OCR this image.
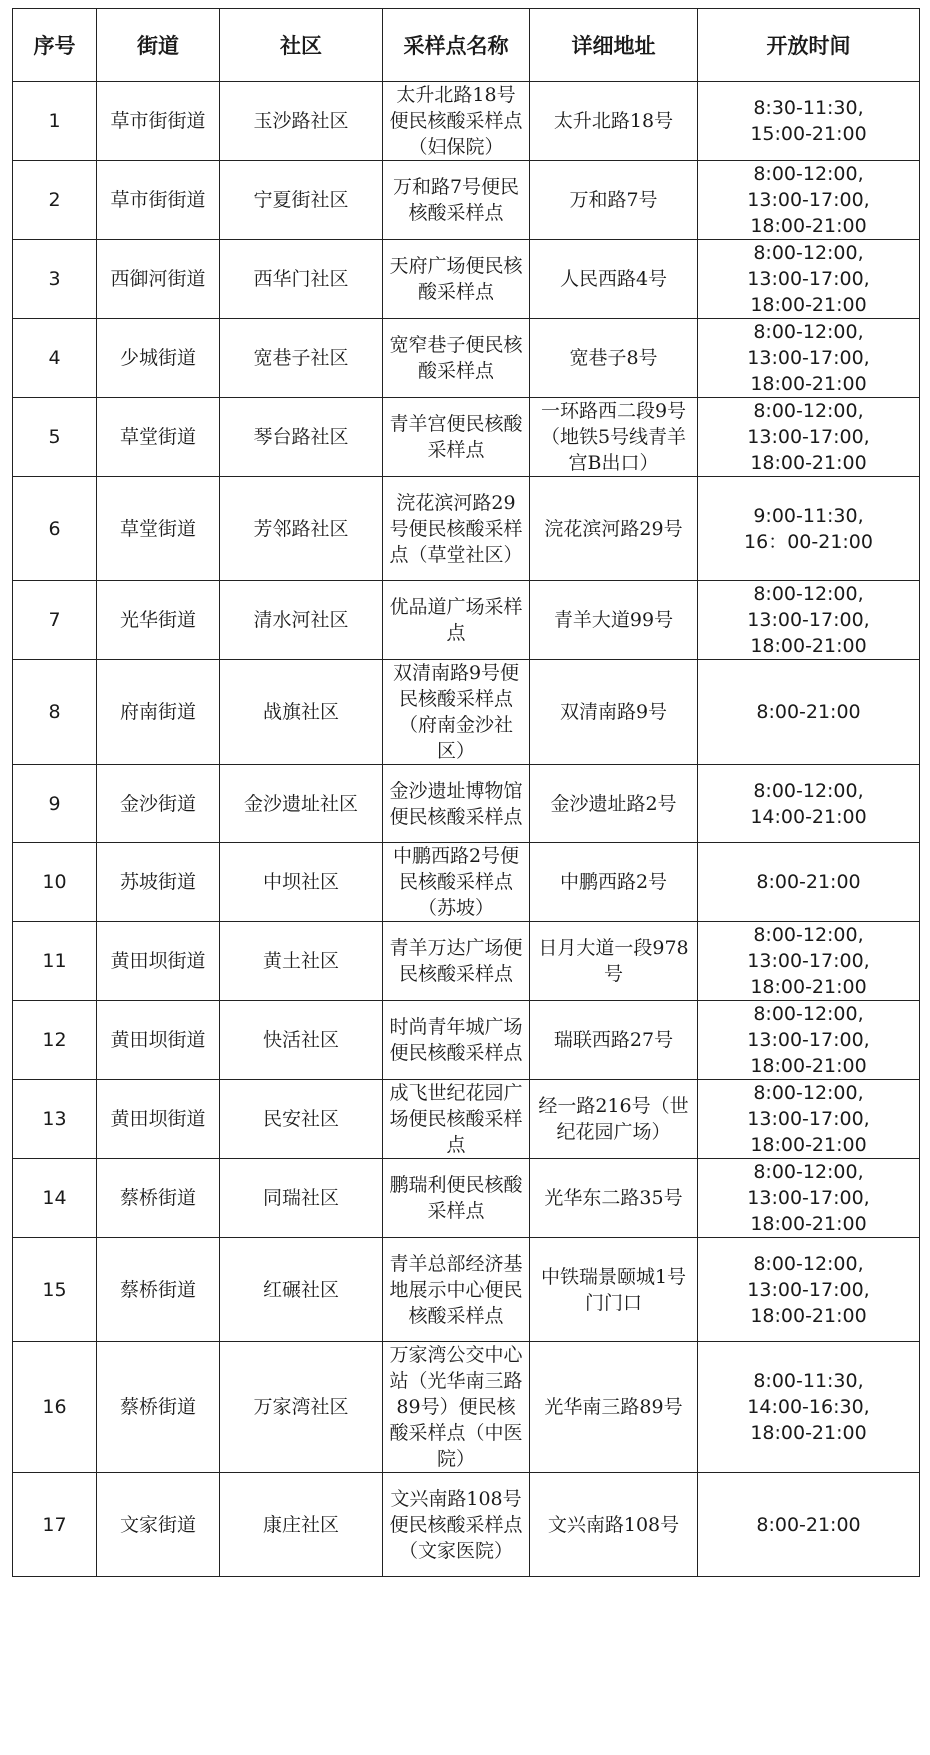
序号	街道	社区	采样点名称	详细地址	开放时间
1	草市街街道	玉沙路社区	太升北路18号便民核酸采样点（妇保院）	太升北路18号	8:30-11:30,
15:00-21:00

2	草市街街道	宁夏街社区	万和路7号便民核酸采样点	万和路7号	8:00-12:00,
13:00-17:00,
18:00-21:00

3	西御河街道	西华门社区	天府广场便民核酸采样点	人民西路4号	8:00-12:00,
13:00-17:00,
18:00-21:00

4	少城街道	宽巷子社区	宽窄巷子便民核酸采样点	宽巷子8号	8:00-12:00,
13:00-17:00,
18:00-21:00

5	草堂街道	琴台路社区	青羊宫便民核酸采样点	一环路西二段9号（地铁5号线青羊宫B出口）	8:00-12:00,
13:00-17:00,
18:00-21:00

6	草堂街道	芳邻路社区	浣花滨河路29号便民核酸采样点（草堂社区）	浣花滨河路29号	9:00-11:30,
16：00-21:00

7	光华街道	清水河社区	优品道广场采样点	青羊大道99号	8:00-12:00,
13:00-17:00,
18:00-21:00

8	府南街道	战旗社区	双清南路9号便民核酸采样点（府南金沙社区）	双清南路9号	8:00-21:00

9	金沙街道	金沙遗址社区	金沙遗址博物馆便民核酸采样点	金沙遗址路2号	8:00-12:00,
14:00-21:00

10	苏坡街道	中坝社区	中鹏西路2号便民核酸采样点（苏坡）	中鹏西路2号	8:00-21:00

11	黄田坝街道	黄土社区	青羊万达广场便民核酸采样点	日月大道一段978号	8:00-12:00,
13:00-17:00,
18:00-21:00

12	黄田坝街道	快活社区	时尚青年城广场便民核酸采样点	瑞联西路27号	8:00-12:00,
13:00-17:00,
18:00-21:00

13	黄田坝街道	民安社区	成飞世纪花园广场便民核酸采样点	经一路216号（世纪花园广场）	8:00-12:00,
13:00-17:00,
18:00-21:00

14	蔡桥街道	同瑞社区	鹏瑞利便民核酸采样点	光华东二路35号	8:00-12:00,
13:00-17:00,
18:00-21:00

15	蔡桥街道	红碾社区	青羊总部经济基地展示中心便民核酸采样点	中铁瑞景颐城1号门门口	8:00-12:00,
13:00-17:00,
18:00-21:00

16	蔡桥街道	万家湾社区	万家湾公交中心站（光华南三路89号）便民核酸采样点（中医院）	光华南三路89号	8:00-11:30,
14:00-16:30,
18:00-21:00

17	文家街道	康庄社区	文兴南路108号便民核酸采样点（文家医院）	文兴南路108号	8:00-21:00
